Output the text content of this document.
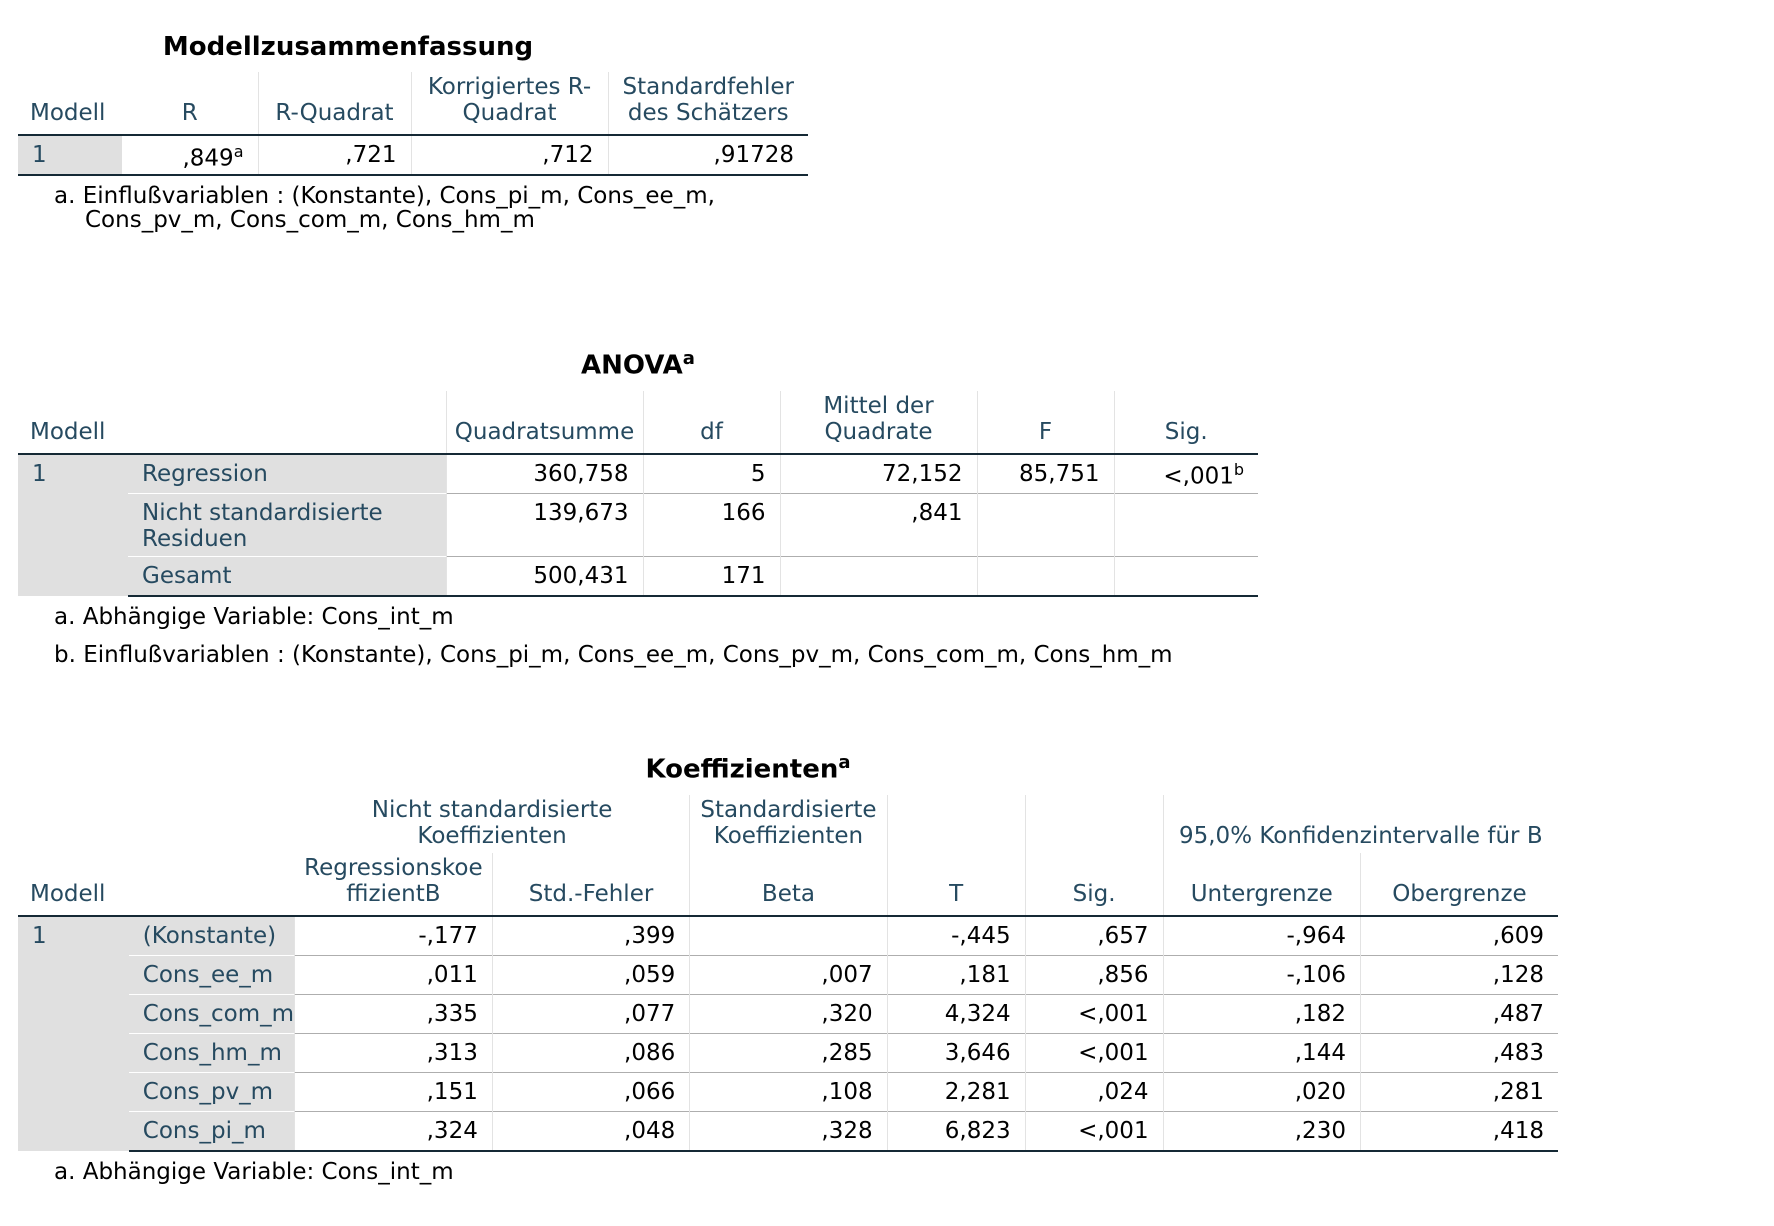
Modellzusammenfassung
Modell	R	R-Quadrat	Korrigiertes R-Quadrat	Standardfehler des Schätzers
1	,849$^a$	,721	,712	,91728
a. Einflußvariablen : (Konstante), Cons_pi_m, Cons_ee_m,
Cons_pv_m, Cons_com_m, Cons_hm_m
ANOVA$^a$
Modell		Quadratsumme	df	Mittel der Quadrate	F	Sig.
1	Regression	360,758	5	72,152	85,751	<,001$^b$
	Nicht standardisierte Residuen	139,673	166	,841		
	Gesamt	500,431	171			
a. Abhängige Variable: Cons_int_m
b. Einflußvariablen : (Konstante), Cons_pi_m, Cons_ee_m, Cons_pv_m, Cons_com_m, Cons_hm_m
Koeffizienten$^a$
		Nicht standardisierte Koeffizienten		Standardisierte Koeffizienten			95,0% Konfidenzintervalle für B	
Modell		RegressionskoeffizientB	Std.-Fehler	Beta	T	Sig.	Untergrenze	Obergrenze
1	(Konstante)	-,177	,399		-,445	,657	-,964	,609
	Cons_ee_m	,011	,059	,007	,181	,856	-,106	,128
	Cons_com_m	,335	,077	,320	4,324	<,001	,182	,487
	Cons_hm_m	,313	,086	,285	3,646	<,001	,144	,483
	Cons_pv_m	,151	,066	,108	2,281	,024	,020	,281
	Cons_pi_m	,324	,048	,328	6,823	<,001	,230	,418
a. Abhängige Variable: Cons_int_m
